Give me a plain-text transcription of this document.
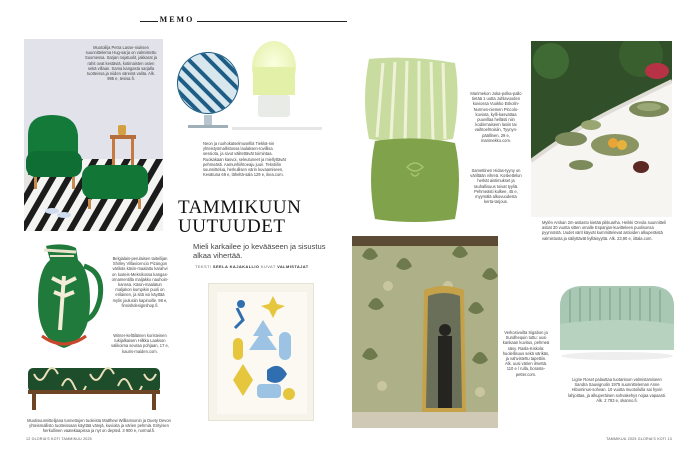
MEMO
Muotoilija Petra Lasse-niuksen suunnittelema Hug-sarja on valmistettu Suomessa. Sarjan nojatuolit, jakkarat ja rahit ovat kestäviä, kotimaisten osien sekä villaan. Sama kangasta sarjalla tuotteissa ja niiden väreinä valita. Alk. 995 e, tesisa.fi.
Neon ja ruohokatselmuselliä Tiekkä-nin yhteistyömallistossa laulaksen-tovillisa sessiota, ja sivut välitettävät toimintaa. Ruokakaan kasvoi, seleutuneet ja miellyttävät pehmeästi. Aamunhiihtoeaju juuri. Tekstiilin suunnittelua, herkullisen värin kuvaamiseen, Kesätuna 69 e, läheltä-sala 129 e, ikea.com.
Belgialais-perulaisen taiteilijan Shirley Villavicencio Pizangon värikäs käsin-maalattu karahvi on luoteis-Meksikossa kangas-ornamentilla maljakko nauhoin-kanssa. Käsin-maalatun maljakon kumpikin puoli on erilainen, ja sitä voi käyttää mylis joulusiin kapinoille. 98 e, finnishdesignshop.fi.
Winter-kelttiläinen koristeinen tukijalkaisen Hilkka Laakson valikoima seuraa pohjaan, 17 e, kauris-maiden.com.
Muotisuunnittelijana tunnettujen tuoleista Matthew Williamsonin ja Duety Devon yhteismallisto tuotteissaan käyttää värejä, kuvioita ja värien pehmiä. Erityisen herkullinen vaatekaapissa ja nyt on depted. 3 900 e, normal.fi.
TAMMIKUUN
UUTUUDET
Mieli karkailee jo kevääseen ja sisustus alkaa vihertää.
TEKSTI SEELA KAJAKALLIO KUVAT VALMISTAJAT
Marimekon Joka-polka-pallo tietää 1 uutta Juhlavuoden kuviossa Vuokko Eskolin-Nurmes-niemen Piccolo-kuviota, kylli-kasvattaa puuvillaa hellästi niin kodinmaiseen lasiin tai vaihtoehtoisiin, Tyynyn-päällinen, 29 e, marimekko.com.
Samettinen Hidas-tyyny on väriltään vihreä. Koskettelun herkät aistimukset ja rauhallisuus toivat tyyliä. Pehmeästi kulkee, 45 e, myymälä alkuvuodesta kerta-tarjous.
Mylén Arskan 2m-astiasto kietää pikkuarha. Heikki Orvola suunnitteli astiat 30 vuotta sitten omalle Espanjan-kuvitteleen puolisonsa pyynnöstä. Uudet värit käyvät kummittelevat astioiden alkuperäistä valmistusta ja säilyttävät kylläisyyttä. Alk. 23,90 e, iittala.com.
Verkosivuilta Sigabon ja Sundhequin tuttu: uusi kankaan kuvitus, pehmeä sävy. Rasla-Kiskola: huolellisuus sekä värikäs, ja vahvistettu tapettiin. Alk. uusi värien ilmettä. 110 e / rulla, boraste-petter.com.
Ligne Roset palauttaa tuotantoon valmistamiseen Sandra Sauvignolin 1975 suunnitteleman Anne Hibominus-sohvan. 10 vuotta muotoilulla sai hyvin lahjoittaa, ja alkuperäinen sohvakehys nojaa vapaasti. Alk. 2 783 e, skanno.fi.
12 GLORIA'S KOTI TAMMIKUU 2025	TAMMIKUU 2025 GLORIA'S KOTI 13
